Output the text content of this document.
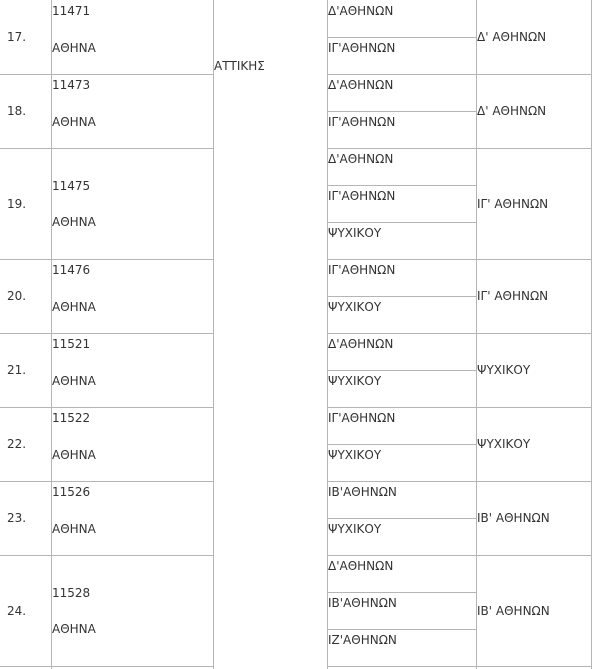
ΑΤΤΙΚΗΣ
17.
11471
ΑΘΗΝΑ
Δ'ΑΘΗΝΩΝ
ΙΓ'ΑΘΗΝΩΝ
Δ' ΑΘΗΝΩΝ
18.
11473
ΑΘΗΝΑ
Δ'ΑΘΗΝΩΝ
ΙΓ'ΑΘΗΝΩΝ
Δ' ΑΘΗΝΩΝ
19.
11475
ΑΘΗΝΑ
Δ'ΑΘΗΝΩΝ
ΙΓ'ΑΘΗΝΩΝ
ΨΥΧΙΚΟΥ
ΙΓ' ΑΘΗΝΩΝ
20.
11476
ΑΘΗΝΑ
ΙΓ'ΑΘΗΝΩΝ
ΨΥΧΙΚΟΥ
ΙΓ' ΑΘΗΝΩΝ
21.
11521
ΑΘΗΝΑ
Δ'ΑΘΗΝΩΝ
ΨΥΧΙΚΟΥ
ΨΥΧΙΚΟΥ
22.
11522
ΑΘΗΝΑ
ΙΓ'ΑΘΗΝΩΝ
ΨΥΧΙΚΟΥ
ΨΥΧΙΚΟΥ
23.
11526
ΑΘΗΝΑ
ΙΒ'ΑΘΗΝΩΝ
ΨΥΧΙΚΟΥ
ΙΒ' ΑΘΗΝΩΝ
24.
11528
ΑΘΗΝΑ
Δ'ΑΘΗΝΩΝ
ΙΒ'ΑΘΗΝΩΝ
ΙΖ'ΑΘΗΝΩΝ
ΙΒ' ΑΘΗΝΩΝ
